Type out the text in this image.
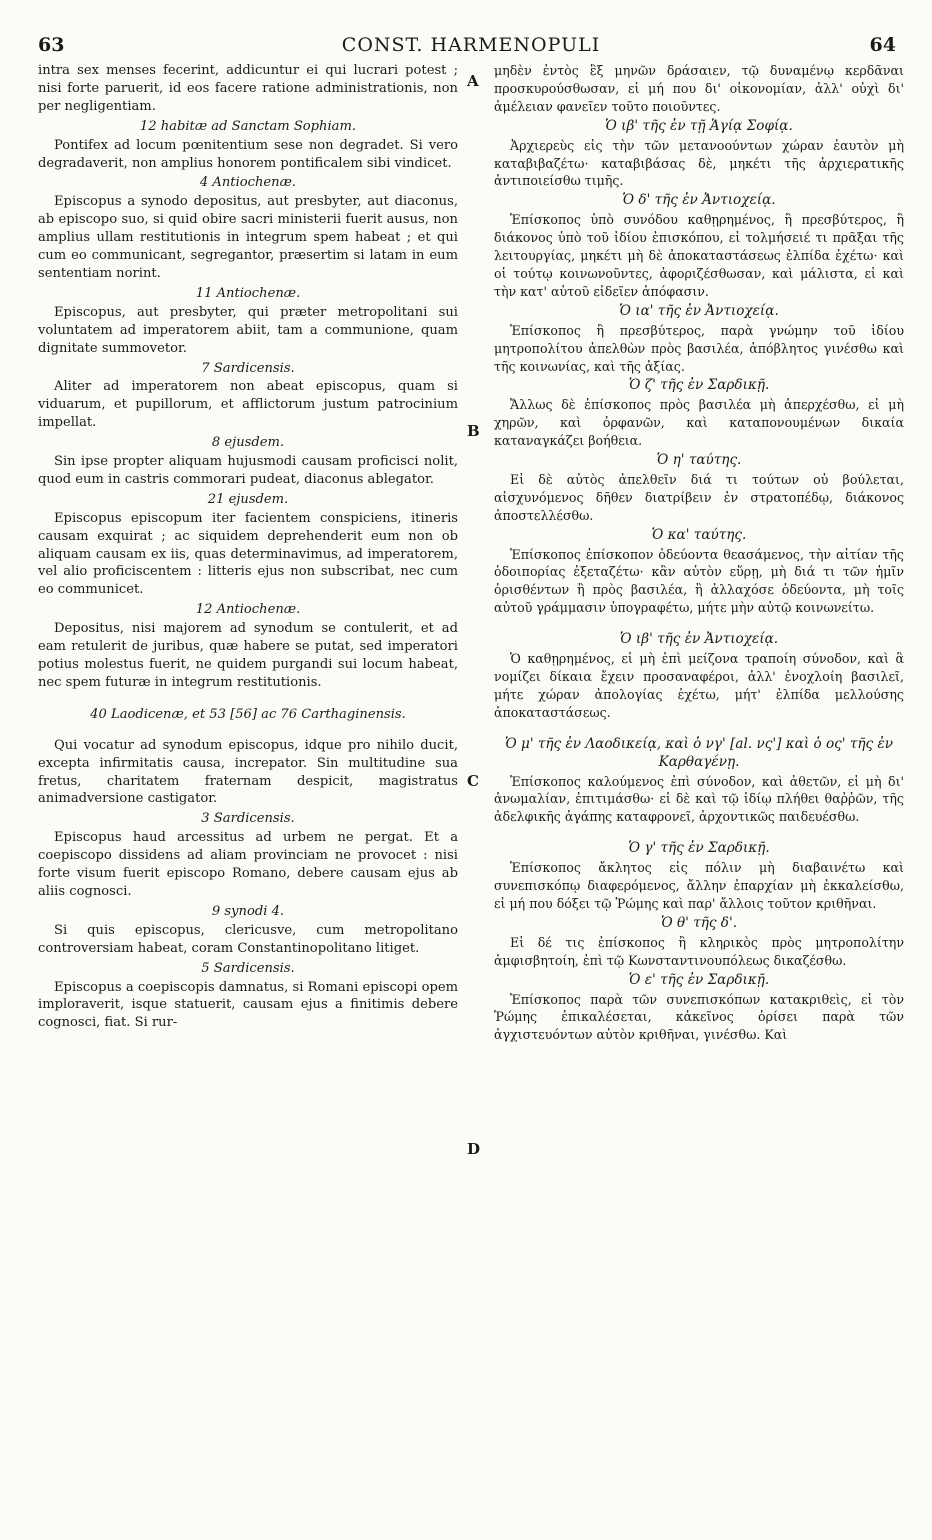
63	CONST. HARMENOPULI	64

intra sex menses fecerint, addicuntur ei qui lucrari potest ; nisi forte paruerit, id eos facere ratione administrationis, non per negligentiam.

12 habitæ ad Sanctam Sophiam.

Pontifex ad locum pœnitentium sese non degradet. Si vero degradaverit, non amplius honorem pontificalem sibi vindicet.

4 Antiochenæ.

Episcopus a synodo depositus, aut presbyter, aut diaconus, ab episcopo suo, si quid obire sacri ministerii fuerit ausus, non amplius ullam restitutionis in integrum spem habeat ; et qui cum eo communicant, segregantor, præsertim si latam in eum sententiam norint.

11 Antiochenæ.

Episcopus, aut presbyter, qui præter metropolitani sui voluntatem ad imperatorem abiit, tam a communione, quam dignitate summovetor.

7 Sardicensis.

Aliter ad imperatorem non abeat episcopus, quam si viduarum, et pupillorum, et afflictorum justum patrocinium impellat.

8 ejusdem.

Sin ipse propter aliquam hujusmodi causam proficisci nolit, quod eum in castris commorari pudeat, diaconus ablegator.

21 ejusdem.

Episcopus episcopum iter facientem conspiciens, itineris causam exquirat ; ac siquidem deprehenderit eum non ob aliquam causam ex iis, quas determinavimus, ad imperatorem, vel alio proficiscentem : litteris ejus non subscribat, nec cum eo communicet.

12 Antiochenæ.

Depositus, nisi majorem ad synodum se contulerit, et ad eam retulerit de juribus, quæ habere se putat, sed imperatori potius molestus fuerit, ne quidem purgandi sui locum habeat, nec spem futuræ in integrum restitutionis.

40 Laodicenæ, et 53 [56] ac 76 Carthaginensis.

Qui vocatur ad synodum episcopus, idque pro nihilo ducit, excepta infirmitatis causa, increpator. Sin multitudine sua fretus, charitatem fraternam despicit, magistratus animadversione castigator.

3 Sardicensis.

Episcopus haud arcessitus ad urbem ne pergat. Et a coepiscopo dissidens ad aliam provinciam ne provocet : nisi forte visum fuerit episcopo Romano, debere causam ejus ab aliis cognosci.

9 synodi 4.

Si quis episcopus, clericusve, cum metropolitano controversiam habeat, coram Constantinopolitano litiget.

5 Sardicensis.

Episcopus a coepiscopis damnatus, si Romani episcopi opem imploraverit, isque statuerit, causam ejus a finitimis debere cognosci, fiat. Si rur-

μηδὲν ἐντὸς ἓξ μηνῶν δράσαιεν, τῷ δυναμένῳ κερδᾶναι προσκυρούσθωσαν, εἰ μή που δι' οἰκονομίαν, ἀλλ' οὐχὶ δι' ἀμέλειαν φανεῖεν τοῦτο ποιοῦντες.

Ὁ ιβ' τῆς ἐν τῇ Ἁγίᾳ Σοφίᾳ.

Ἀρχιερεὺς εἰς τὴν τῶν μετανοούντων χώραν ἑαυτὸν μὴ καταβιβαζέτω· καταβιβάσας δὲ, μηκέτι τῆς ἀρχιερατικῆς ἀντιποιείσθω τιμῆς.

Ὁ δ' τῆς ἐν Ἀντιοχείᾳ.

Ἐπίσκοπος ὑπὸ συνόδου καθῃρημένος, ἢ πρεσβύτερος, ἢ διάκονος ὑπὸ τοῦ ἰδίου ἐπισκόπου, εἰ τολμήσειέ τι πρᾶξαι τῆς λειτουργίας, μηκέτι μὴ δὲ ἀποκαταστάσεως ἐλπίδα ἐχέτω· καὶ οἱ τούτῳ κοινωνοῦντες, ἀφοριζέσθωσαν, καὶ μάλιστα, εἰ καὶ τὴν κατ' αὐτοῦ εἰδεῖεν ἀπόφασιν.

Ὁ ια' τῆς ἐν Ἀντιοχείᾳ.

Ἐπίσκοπος ἢ πρεσβύτερος, παρὰ γνώμην τοῦ ἰδίου μητροπολίτου ἀπελθὼν πρὸς βασιλέα, ἀπόβλητος γινέσθω καὶ τῆς κοινωνίας, καὶ τῆς ἀξίας.

Ὁ ζ' τῆς ἐν Σαρδικῇ.

Ἄλλως δὲ ἐπίσκοπος πρὸς βασιλέα μὴ ἀπερχέσθω, εἰ μὴ χηρῶν, καὶ ὀρφανῶν, καὶ καταπονουμένων δικαία καταναγκάζει βοήθεια.

Ὁ η' ταύτης.

Εἰ δὲ αὐτὸς ἀπελθεῖν διά τι τούτων οὐ βούλεται, αἰσχυνόμενος δῆθεν διατρίβειν ἐν στρατοπέδῳ, διάκονος ἀποστελλέσθω.

Ὁ κα' ταύτης.

Ἐπίσκοπος ἐπίσκοπον ὁδεύοντα θεασάμενος, τὴν αἰτίαν τῆς ὁδοιπορίας ἐξεταζέτω· κἂν αὐτὸν εὕρῃ, μὴ διά τι τῶν ἡμῖν ὁρισθέντων ἢ πρὸς βασιλέα, ἢ ἀλλαχόσε ὁδεύοντα, μὴ τοῖς αὐτοῦ γράμμασιν ὑπογραφέτω, μήτε μὴν αὐτῷ κοινωνείτω.

Ὁ ιβ' τῆς ἐν Ἀντιοχείᾳ.

Ὁ καθῃρημένος, εἰ μὴ ἐπὶ μείζονα τραποίη σύνοδον, καὶ ἃ νομίζει δίκαια ἔχειν προσαναφέροι, ἀλλ' ἐνοχλοίη βασιλεῖ, μήτε χώραν ἀπολογίας ἐχέτω, μήτ' ἐλπίδα μελλούσης ἀποκαταστάσεως.

Ὁ μ' τῆς ἐν Λαοδικείᾳ, καὶ ὁ νγ' [al. νς'] καὶ ὁ ος' τῆς ἐν Καρθαγένῃ.

Ἐπίσκοπος καλούμενος ἐπὶ σύνοδον, καὶ ἀθετῶν, εἰ μὴ δι' ἀνωμαλίαν, ἐπιτιμάσθω· εἰ δὲ καὶ τῷ ἰδίῳ πλήθει θαῤῥῶν, τῆς ἀδελφικῆς ἀγάπης καταφρονεῖ, ἀρχοντικῶς παιδευέσθω.

Ὁ γ' τῆς ἐν Σαρδικῇ.

Ἐπίσκοπος ἄκλητος εἰς πόλιν μὴ διαβαινέτω καὶ συνεπισκόπῳ διαφερόμενος, ἄλλην ἐπαρχίαν μὴ ἐκκαλείσθω, εἰ μή που δόξει τῷ Ῥώμης καὶ παρ' ἄλλοις τοῦτον κριθῆναι.

Ὁ θ' τῆς δ'.

Εἰ δέ τις ἐπίσκοπος ἢ κληρικὸς πρὸς μητροπολίτην ἀμφισβητοίη, ἐπὶ τῷ Κωνσταντινουπόλεως δικαζέσθω.

Ὁ ε' τῆς ἐν Σαρδικῇ.

Ἐπίσκοπος παρὰ τῶν συνεπισκόπων κατακριθεὶς, εἰ τὸν Ῥώμης ἐπικαλέσεται, κἀκεῖνος ὁρίσει παρὰ τῶν ἀγχιστευόντων αὐτὸν κριθῆναι, γινέσθω. Καὶ

A
B
C
D
